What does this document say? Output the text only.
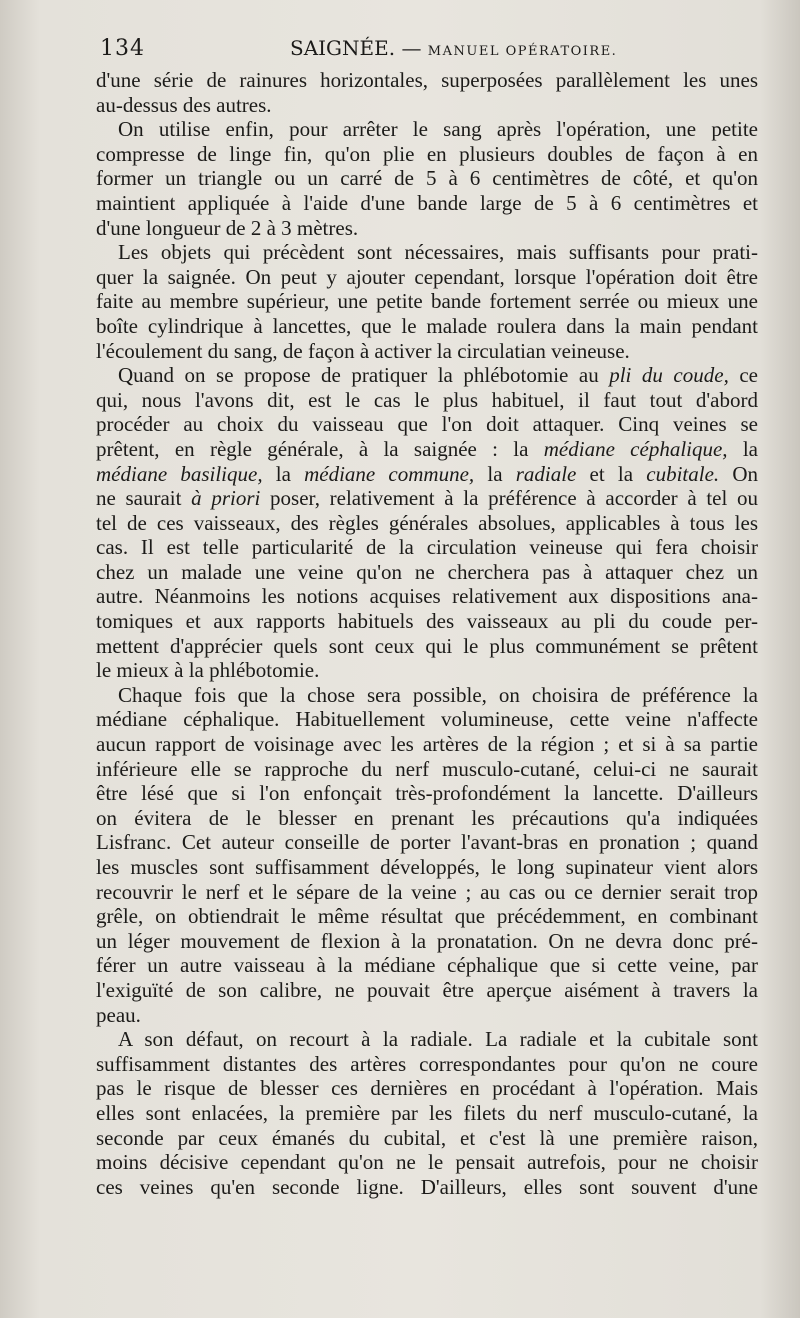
134	SAIGNÉE. — MANUEL OPÉRATOIRE.
d'une série de rainures horizontales, superposées parallèlement les unes
au-dessus des autres.
On utilise enfin, pour arrêter le sang après l'opération, une petite
compresse de linge fin, qu'on plie en plusieurs doubles de façon à en
former un triangle ou un carré de 5 à 6 centimètres de côté, et qu'on
maintient appliquée à l'aide d'une bande large de 5 à 6 centimètres et
d'une longueur de 2 à 3 mètres.
Les objets qui précèdent sont nécessaires, mais suffisants pour prati-
quer la saignée. On peut y ajouter cependant, lorsque l'opération doit être
faite au membre supérieur, une petite bande fortement serrée ou mieux une
boîte cylindrique à lancettes, que le malade roulera dans la main pendant
l'écoulement du sang, de façon à activer la circulatian veineuse.
Quand on se propose de pratiquer la phlébotomie au pli du coude, ce
qui, nous l'avons dit, est le cas le plus habituel, il faut tout d'abord
procéder au choix du vaisseau que l'on doit attaquer. Cinq veines se
prêtent, en règle générale, à la saignée : la médiane céphalique, la
médiane basilique, la médiane commune, la radiale et la cubitale. On
ne saurait à priori poser, relativement à la préférence à accorder à tel ou
tel de ces vaisseaux, des règles générales absolues, applicables à tous les
cas. Il est telle particularité de la circulation veineuse qui fera choisir
chez un malade une veine qu'on ne cherchera pas à attaquer chez un
autre. Néanmoins les notions acquises relativement aux dispositions ana-
tomiques et aux rapports habituels des vaisseaux au pli du coude per-
mettent d'apprécier quels sont ceux qui le plus communément se prêtent
le mieux à la phlébotomie.
Chaque fois que la chose sera possible, on choisira de préférence la
médiane céphalique. Habituellement volumineuse, cette veine n'affecte
aucun rapport de voisinage avec les artères de la région ; et si à sa partie
inférieure elle se rapproche du nerf musculo-cutané, celui-ci ne saurait
être lésé que si l'on enfonçait très-profondément la lancette. D'ailleurs
on évitera de le blesser en prenant les précautions qu'a indiquées
Lisfranc. Cet auteur conseille de porter l'avant-bras en pronation ; quand
les muscles sont suffisamment développés, le long supinateur vient alors
recouvrir le nerf et le sépare de la veine ; au cas ou ce dernier serait trop
grêle, on obtiendrait le même résultat que précédemment, en combinant
un léger mouvement de flexion à la pronatation. On ne devra donc pré-
férer un autre vaisseau à la médiane céphalique que si cette veine, par
l'exiguïté de son calibre, ne pouvait être aperçue aisément à travers la
peau.
A son défaut, on recourt à la radiale. La radiale et la cubitale sont
suffisamment distantes des artères correspondantes pour qu'on ne coure
pas le risque de blesser ces dernières en procédant à l'opération. Mais
elles sont enlacées, la première par les filets du nerf musculo-cutané, la
seconde par ceux émanés du cubital, et c'est là une première raison,
moins décisive cependant qu'on ne le pensait autrefois, pour ne choisir
ces veines qu'en seconde ligne. D'ailleurs, elles sont souvent d'une
